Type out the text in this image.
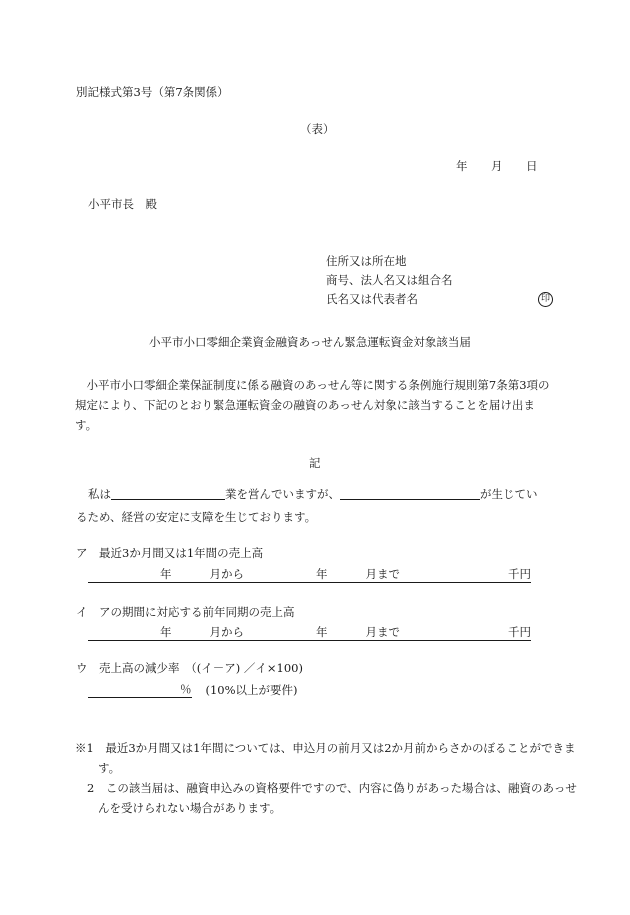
別記様式第3号（第7条関係）
（表）
年 月 日
小平市長　殿
住所又は所在地
商号、法人名又は組合名
氏名又は代表者名	印
小平市小口零細企業資金融資あっせん緊急運転資金対象該当届
小平市小口零細企業保証制度に係る融資のあっせん等に関する条例施行規則第7条第3項の規定により、下記のとおり緊急運転資金の融資のあっせん対象に該当することを届け出ます。
記
私は	業を営んでいますが、	が生じてい
るため、経営の安定に支障を生じております。
ア　最近3か月間又は1年間の売上高
年	月から	年	月まで	千円
イ　アの期間に対応する前年同期の売上高
年	月から	年	月まで	千円
ウ　売上高の減少率　（(イ－ア) ／イ×100)
％ (10%以上が要件)
※1　最近3か月間又は1年間については、申込月の前月又は2か月前からさかのぼることができます。
2　この該当届は、融資申込みの資格要件ですので、内容に偽りがあった場合は、融資のあっせんを受けられない場合があります。
